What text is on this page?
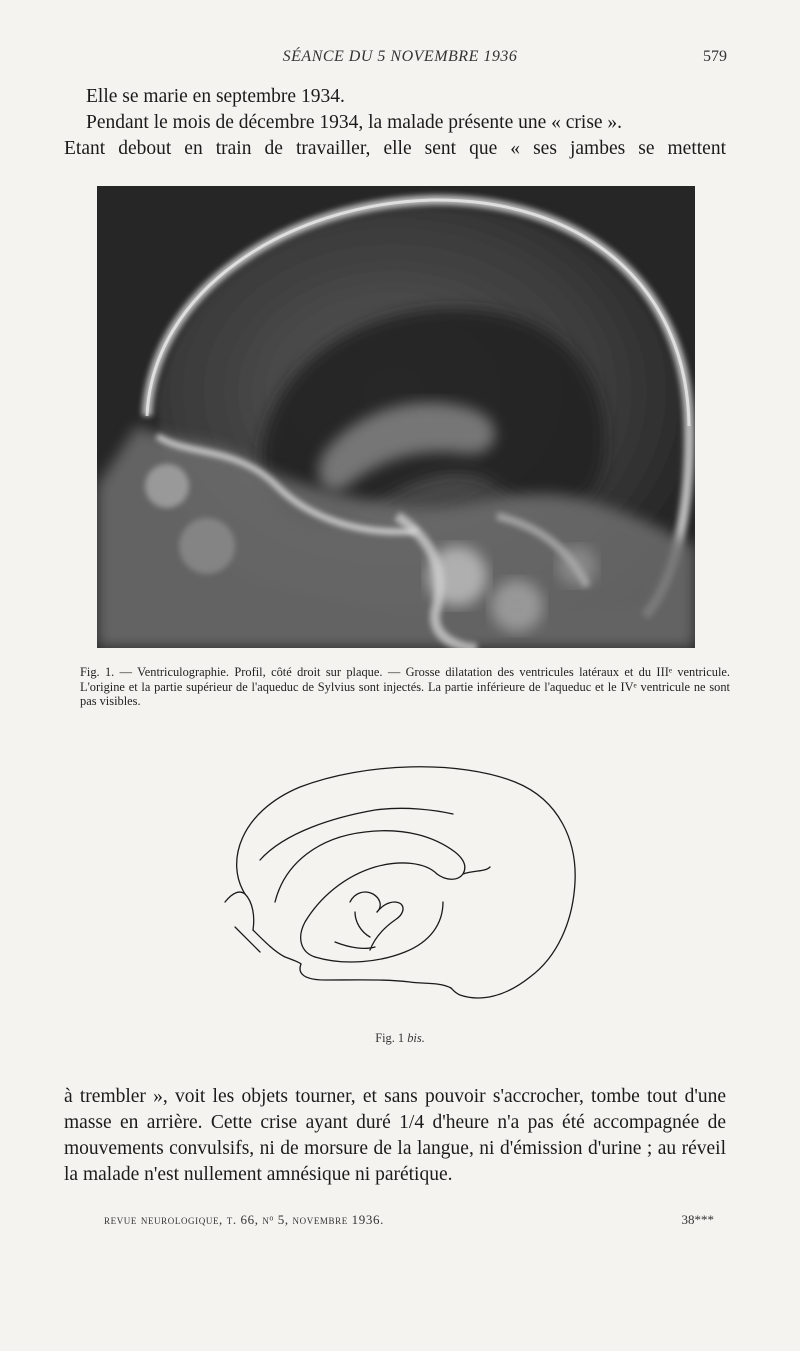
SÉANCE DU 5 NOVEMBRE 1936	579

Elle se marie en septembre 1934.

Pendant le mois de décembre 1934, la malade présente une « crise ».

Etant debout en train de travailler, elle sent que « ses jambes se mettent

Fig. 1. — Ventriculographie. Profil, côté droit sur plaque. — Grosse dilatation des ventricules latéraux et du IIIᵉ ventricule. L'origine et la partie supérieur de l'aqueduc de Sylvius sont injectés. La partie inférieure de l'aqueduc et le IVᵉ ventricule ne sont pas visibles.
Fig. 1 bis.

à trembler », voit les objets tourner, et sans pouvoir s'accrocher, tombe tout d'une masse en arrière. Cette crise ayant duré 1/4 d'heure n'a pas été accompagnée de mouvements convulsifs, ni de morsure de la langue, ni d'émission d'urine ; au réveil la malade n'est nullement amnésique ni parétique.

revue neurologique, t. 66, nᵒ 5, novembre 1936.	38***
